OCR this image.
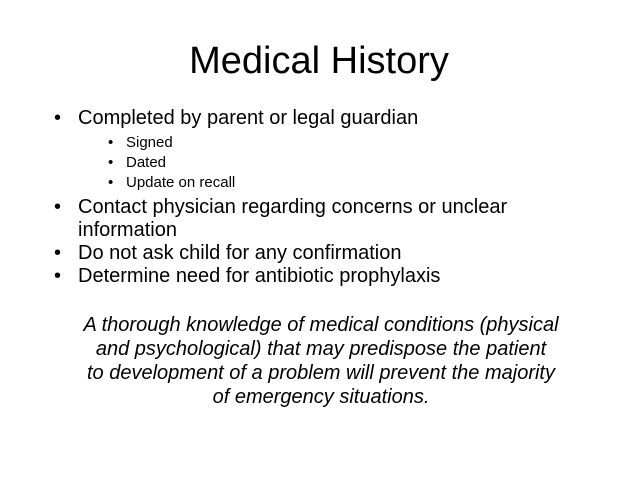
Medical History
• Completed by parent or legal guardian
• Signed
• Dated
• Update on recall
• Contact physician regarding concerns or unclear information
• Do not ask child for any confirmation
• Determine need for antibiotic prophylaxis
A thorough knowledge of medical conditions (physical
and psychological) that may predispose the patient
to development of a problem will prevent the majority
of emergency situations.
